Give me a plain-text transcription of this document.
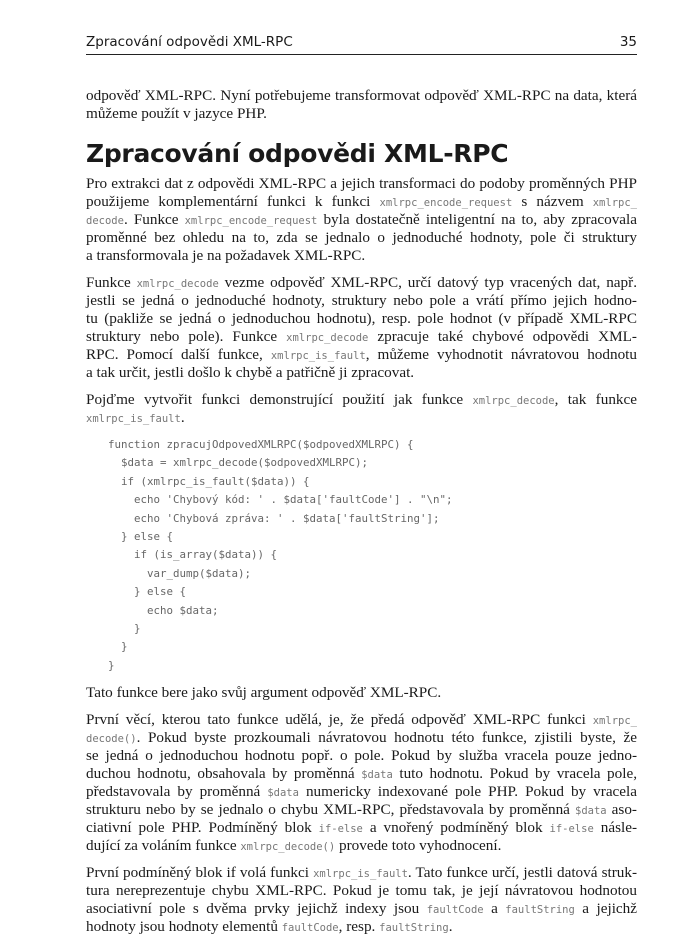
Zpracování odpovědi XML-RPC	35
odpověď XML-RPC. Nyní potřebujeme transformovat odpověď XML-RPC na data, která
můžeme použít v jazyce PHP.
Zpracování odpovědi XML-RPC
Pro extrakci dat z odpovědi XML-RPC a jejich transformaci do podoby proměnných PHP
použijeme komplementární funkci k funkci xmlrpc_encode_request s názvem xmlrpc_
decode. Funkce xmlrpc_encode_request byla dostatečně inteligentní na to, aby zpracovala
proměnné bez ohledu na to, zda se jednalo o jednoduché hodnoty, pole či struktury
a transformovala je na požadavek XML-RPC.
Funkce xmlrpc_decode vezme odpověď XML-RPC, určí datový typ vracených dat, např.
jestli se jedná o jednoduché hodnoty, struktury nebo pole a vrátí přímo jejich hodno-
tu (pakliže se jedná o jednoduchou hodnotu), resp. pole hodnot (v případě XML-RPC
struktury nebo pole). Funkce xmlrpc_decode zpracuje také chybové odpovědi XML-
RPC. Pomocí další funkce, xmlrpc_is_fault, můžeme vyhodnotit návratovou hodnotu
a tak určit, jestli došlo k chybě a patřičně ji zpracovat.
Pojďme vytvořit funkci demonstrující použití jak funkce xmlrpc_decode, tak funkce
xmlrpc_is_fault.
function zpracujOdpovedXMLRPC($odpovedXMLRPC) {
$data = xmlrpc_decode($odpovedXMLRPC);
if (xmlrpc_is_fault($data)) {
echo 'Chybový kód: ' . $data['faultCode'] . "\n";
echo 'Chybová zpráva: ' . $data['faultString'];
} else {
if (is_array($data)) {
var_dump($data);
} else {
echo $data;
}
}
}
Tato funkce bere jako svůj argument odpověď XML-RPC.
První věcí, kterou tato funkce udělá, je, že předá odpověď XML-RPC funkci xmlrpc_
decode(). Pokud byste prozkoumali návratovou hodnotu této funkce, zjistili byste, že
se jedná o jednoduchou hodnotu popř. o pole. Pokud by služba vracela pouze jedno-
duchou hodnotu, obsahovala by proměnná $data tuto hodnotu. Pokud by vracela pole,
představovala by proměnná $data numericky indexované pole PHP. Pokud by vracela
strukturu nebo by se jednalo o chybu XML-RPC, představovala by proměnná $data aso-
ciativní pole PHP. Podmíněný blok if-else a vnořený podmíněný blok if-else násle-
dující za voláním funkce xmlrpc_decode() provede toto vyhodnocení.
První podmíněný blok if volá funkci xmlrpc_is_fault. Tato funkce určí, jestli datová struk-
tura nereprezentuje chybu XML-RPC. Pokud je tomu tak, je její návratovou hodnotou
asociativní pole s dvěma prvky jejichž indexy jsou faultCode a faultString a jejichž
hodnoty jsou hodnoty elementů faultCode, resp. faultString.
